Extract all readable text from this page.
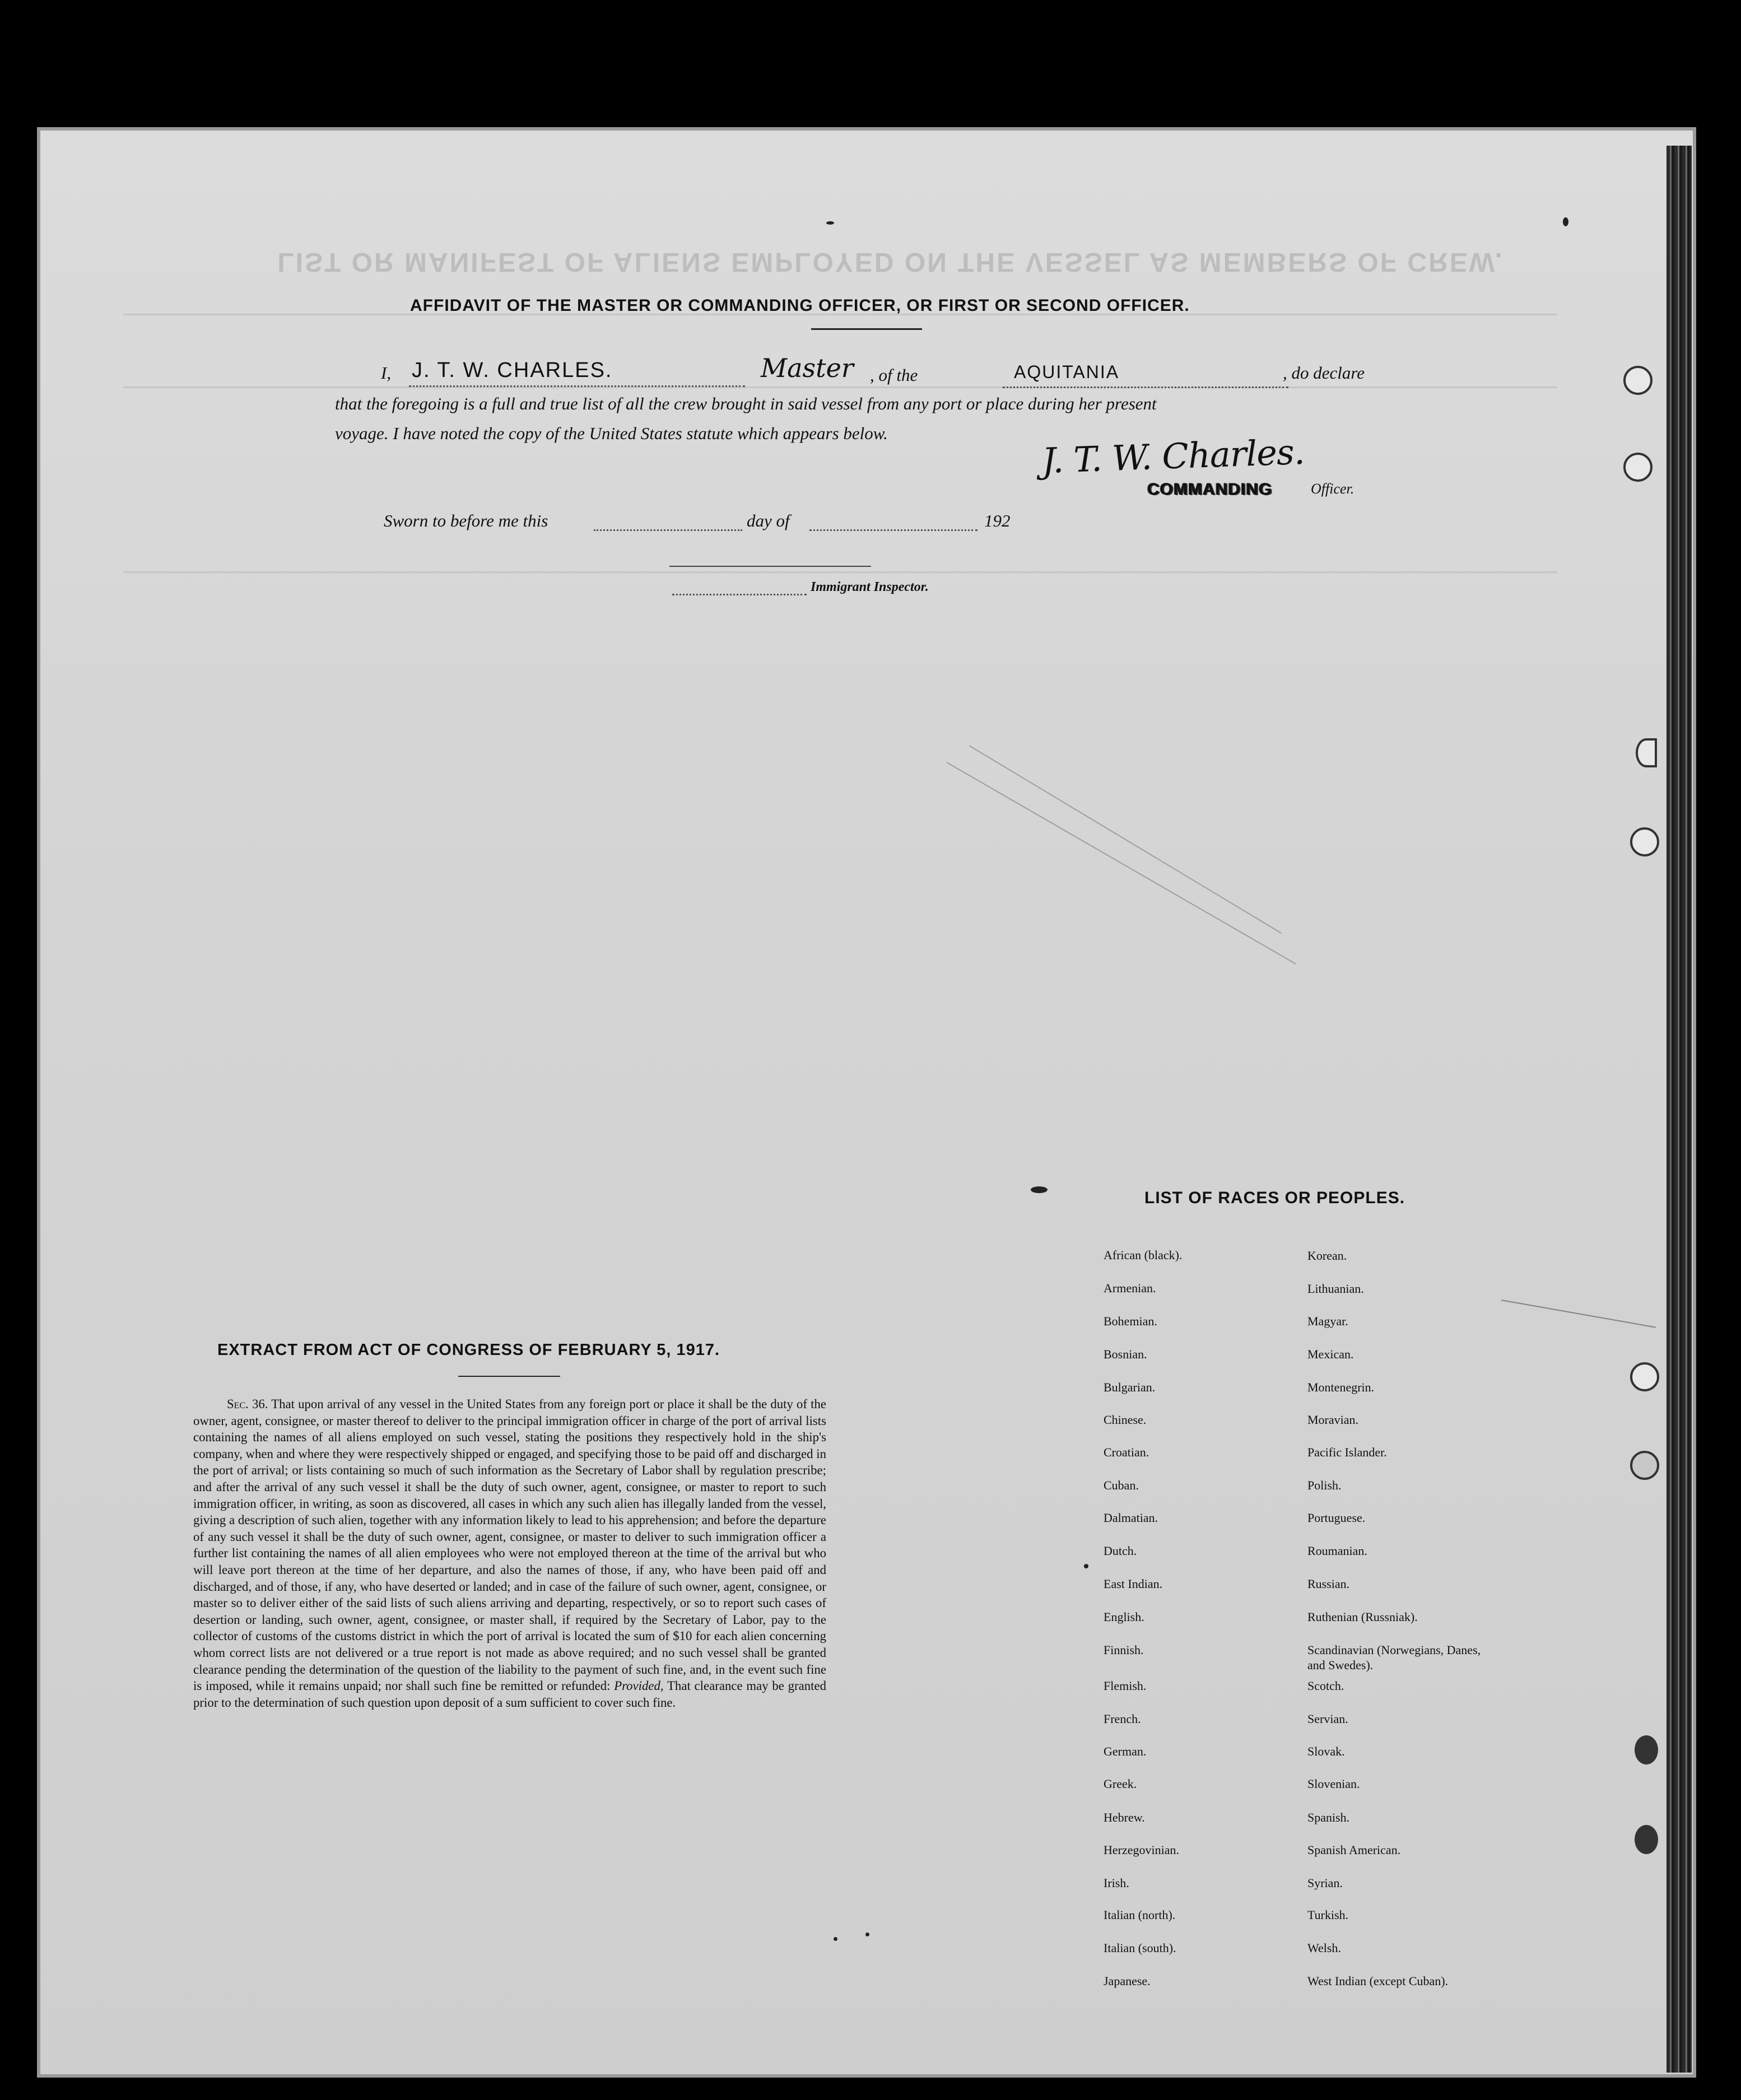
LIST OR MANIFEST OF ALIENS EMPLOYED ON THE VESSEL AS MEMBERS OF CREW.
AFFIDAVIT OF THE MASTER OR COMMANDING OFFICER, OR FIRST OR SECOND OFFICER.
I, J. T. W. CHARLES.	Master , of the	AQUITANIA	, do declare
that the foregoing is a full and true list of all the crew brought in said vessel from any port or place during her present
voyage. I have noted the copy of the United States statute which appears below.	J. T. W. Charles.
COMMANDING	Officer.
Sworn to before me this	day of	192
Immigrant Inspector.
EXTRACT FROM ACT OF CONGRESS OF FEBRUARY 5, 1917.
Sec. 36. That upon arrival of any vessel in the United States from any foreign port or place it shall be the duty of the owner, agent, consignee, or master thereof to deliver to the principal immigration officer in charge of the port of arrival lists containing the names of all aliens employed on such vessel, stating the positions they respectively hold in the ship's company, when and where they were respectively shipped or engaged, and specifying those to be paid off and discharged in the port of arrival; or lists containing so much of such information as the Secretary of Labor shall by regulation prescribe; and after the arrival of any such vessel it shall be the duty of such owner, agent, consignee, or master to report to such immigration officer, in writing, as soon as discovered, all cases in which any such alien has illegally landed from the vessel, giving a description of such alien, together with any information likely to lead to his apprehension; and before the departure of any such vessel it shall be the duty of such owner, agent, consignee, or master to deliver to such immigration officer a further list containing the names of all alien employees who were not employed thereon at the time of the arrival but who will leave port thereon at the time of her departure, and also the names of those, if any, who have been paid off and discharged, and of those, if any, who have deserted or landed; and in case of the failure of such owner, agent, consignee, or master so to deliver either of the said lists of such aliens arriving and departing, respectively, or so to report such cases of desertion or landing, such owner, agent, consignee, or master shall, if required by the Secretary of Labor, pay to the collector of customs of the customs district in which the port of arrival is located the sum of $10 for each alien concerning whom correct lists are not delivered or a true report is not made as above required; and no such vessel shall be granted clearance pending the determination of the question of the liability to the payment of such fine, and, in the event such fine is imposed, while it remains unpaid; nor shall such fine be remitted or refunded: Provided, That clearance may be granted prior to the determination of such question upon deposit of a sum sufficient to cover such fine.
LIST OF RACES OR PEOPLES.
African (black).
Armenian.
Bohemian.
Bosnian.
Bulgarian.
Chinese.
Croatian.
Cuban.
Dalmatian.
Dutch.
East Indian.
English.
Finnish.
Flemish.
French.
German.
Greek.
Hebrew.
Herzegovinian.
Irish.
Italian (north).
Italian (south).
Japanese.
Korean.
Lithuanian.
Magyar.
Mexican.
Montenegrin.
Moravian.
Pacific Islander.
Polish.
Portuguese.
Roumanian.
Russian.
Ruthenian (Russniak).
Scandinavian (Norwegians, Danes, and Swedes).
Scotch.
Servian.
Slovak.
Slovenian.
Spanish.
Spanish American.
Syrian.
Turkish.
Welsh.
West Indian (except Cuban).
